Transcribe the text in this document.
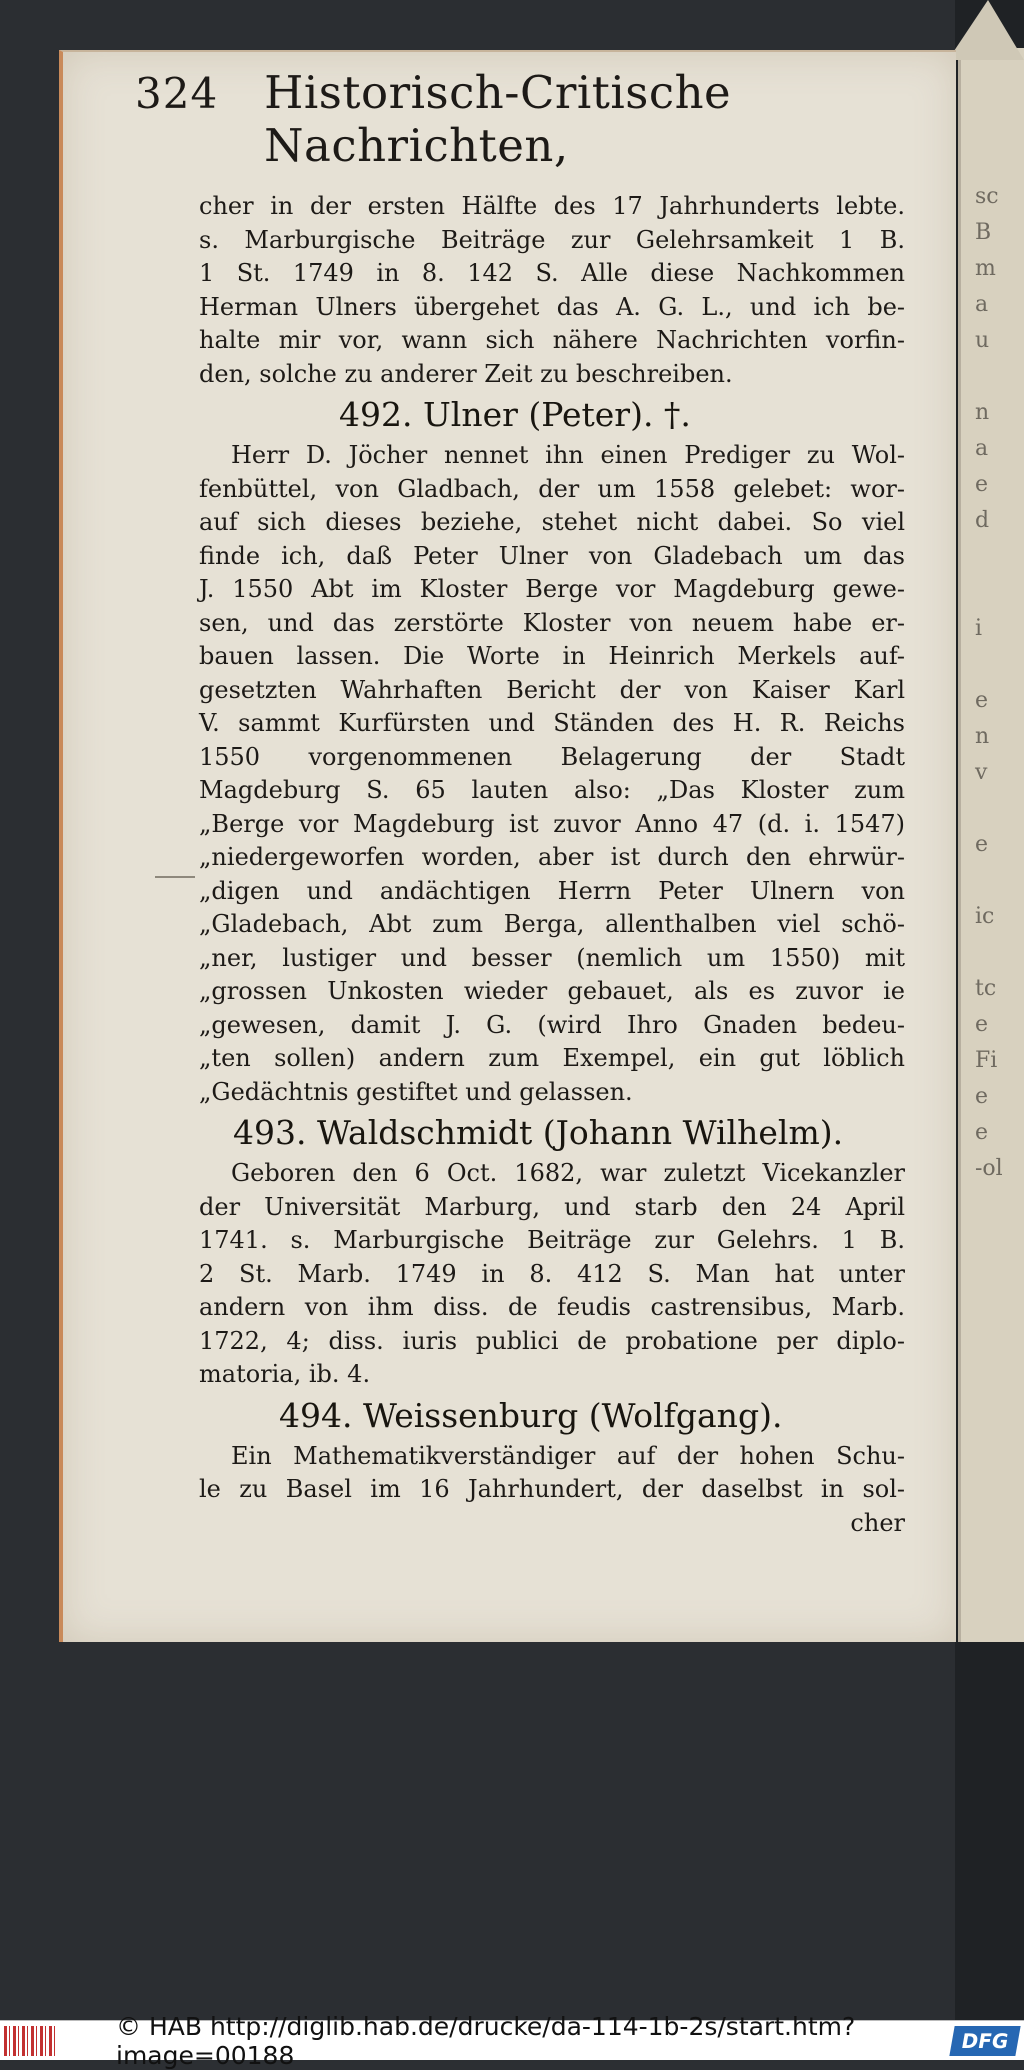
sc
B
m
a
u
n
a
e
d
i
e
n
v
e
ic
tc
e
Fi
e
e
-ol
324 Historisch-Critische Nachrichten,
cher in der ersten Hälfte des 17 Jahrhunderts lebte.
s. Marburgische Beiträge zur Gelehrsamkeit 1 B.
1 St. 1749 in 8. 142 S. Alle diese Nachkommen
Herman Ulners übergehet das A. G. L., und ich be-
halte mir vor, wann sich nähere Nachrichten vorfin-
den, solche zu anderer Zeit zu beschreiben.
492. Ulner (Peter). †.
Herr D. Jöcher nennet ihn einen Prediger zu Wol-
fenbüttel, von Gladbach, der um 1558 gelebet: wor-
auf sich dieses beziehe, stehet nicht dabei. So viel
finde ich, daß Peter Ulner von Gladebach um das
J. 1550 Abt im Kloster Berge vor Magdeburg gewe-
sen, und das zerstörte Kloster von neuem habe er-
bauen lassen. Die Worte in Heinrich Merkels auf-
gesetzten Wahrhaften Bericht der von Kaiser Karl
V. sammt Kurfürsten und Ständen des H. R. Reichs
1550 vorgenommenen Belagerung der Stadt
Magdeburg S. 65 lauten also: „Das Kloster zum
„Berge vor Magdeburg ist zuvor Anno 47 (d. i. 1547)
„niedergeworfen worden, aber ist durch den ehrwür-
„digen und andächtigen Herrn Peter Ulnern von
„Gladebach, Abt zum Berga, allenthalben viel schö-
„ner, lustiger und besser (nemlich um 1550) mit
„grossen Unkosten wieder gebauet, als es zuvor ie
„gewesen, damit J. G. (wird Ihro Gnaden bedeu-
„ten sollen) andern zum Exempel, ein gut löblich
„Gedächtnis gestiftet und gelassen.
493. Waldschmidt (Johann Wilhelm).
Geboren den 6 Oct. 1682, war zuletzt Vicekanzler
der Universität Marburg, und starb den 24 April
1741. s. Marburgische Beiträge zur Gelehrs. 1 B.
2 St. Marb. 1749 in 8. 412 S. Man hat unter
andern von ihm diss. de feudis castrensibus, Marb.
1722, 4; diss. iuris publici de probatione per diplo-
matoria, ib. 4.
494. Weissenburg (Wolfgang).
Ein Mathematikverständiger auf der hohen Schu-
le zu Basel im 16 Jahrhundert, der daselbst in sol-
cher
© HAB http://diglib.hab.de/drucke/da-114-1b-2s/start.htm?image=00188	DFG
